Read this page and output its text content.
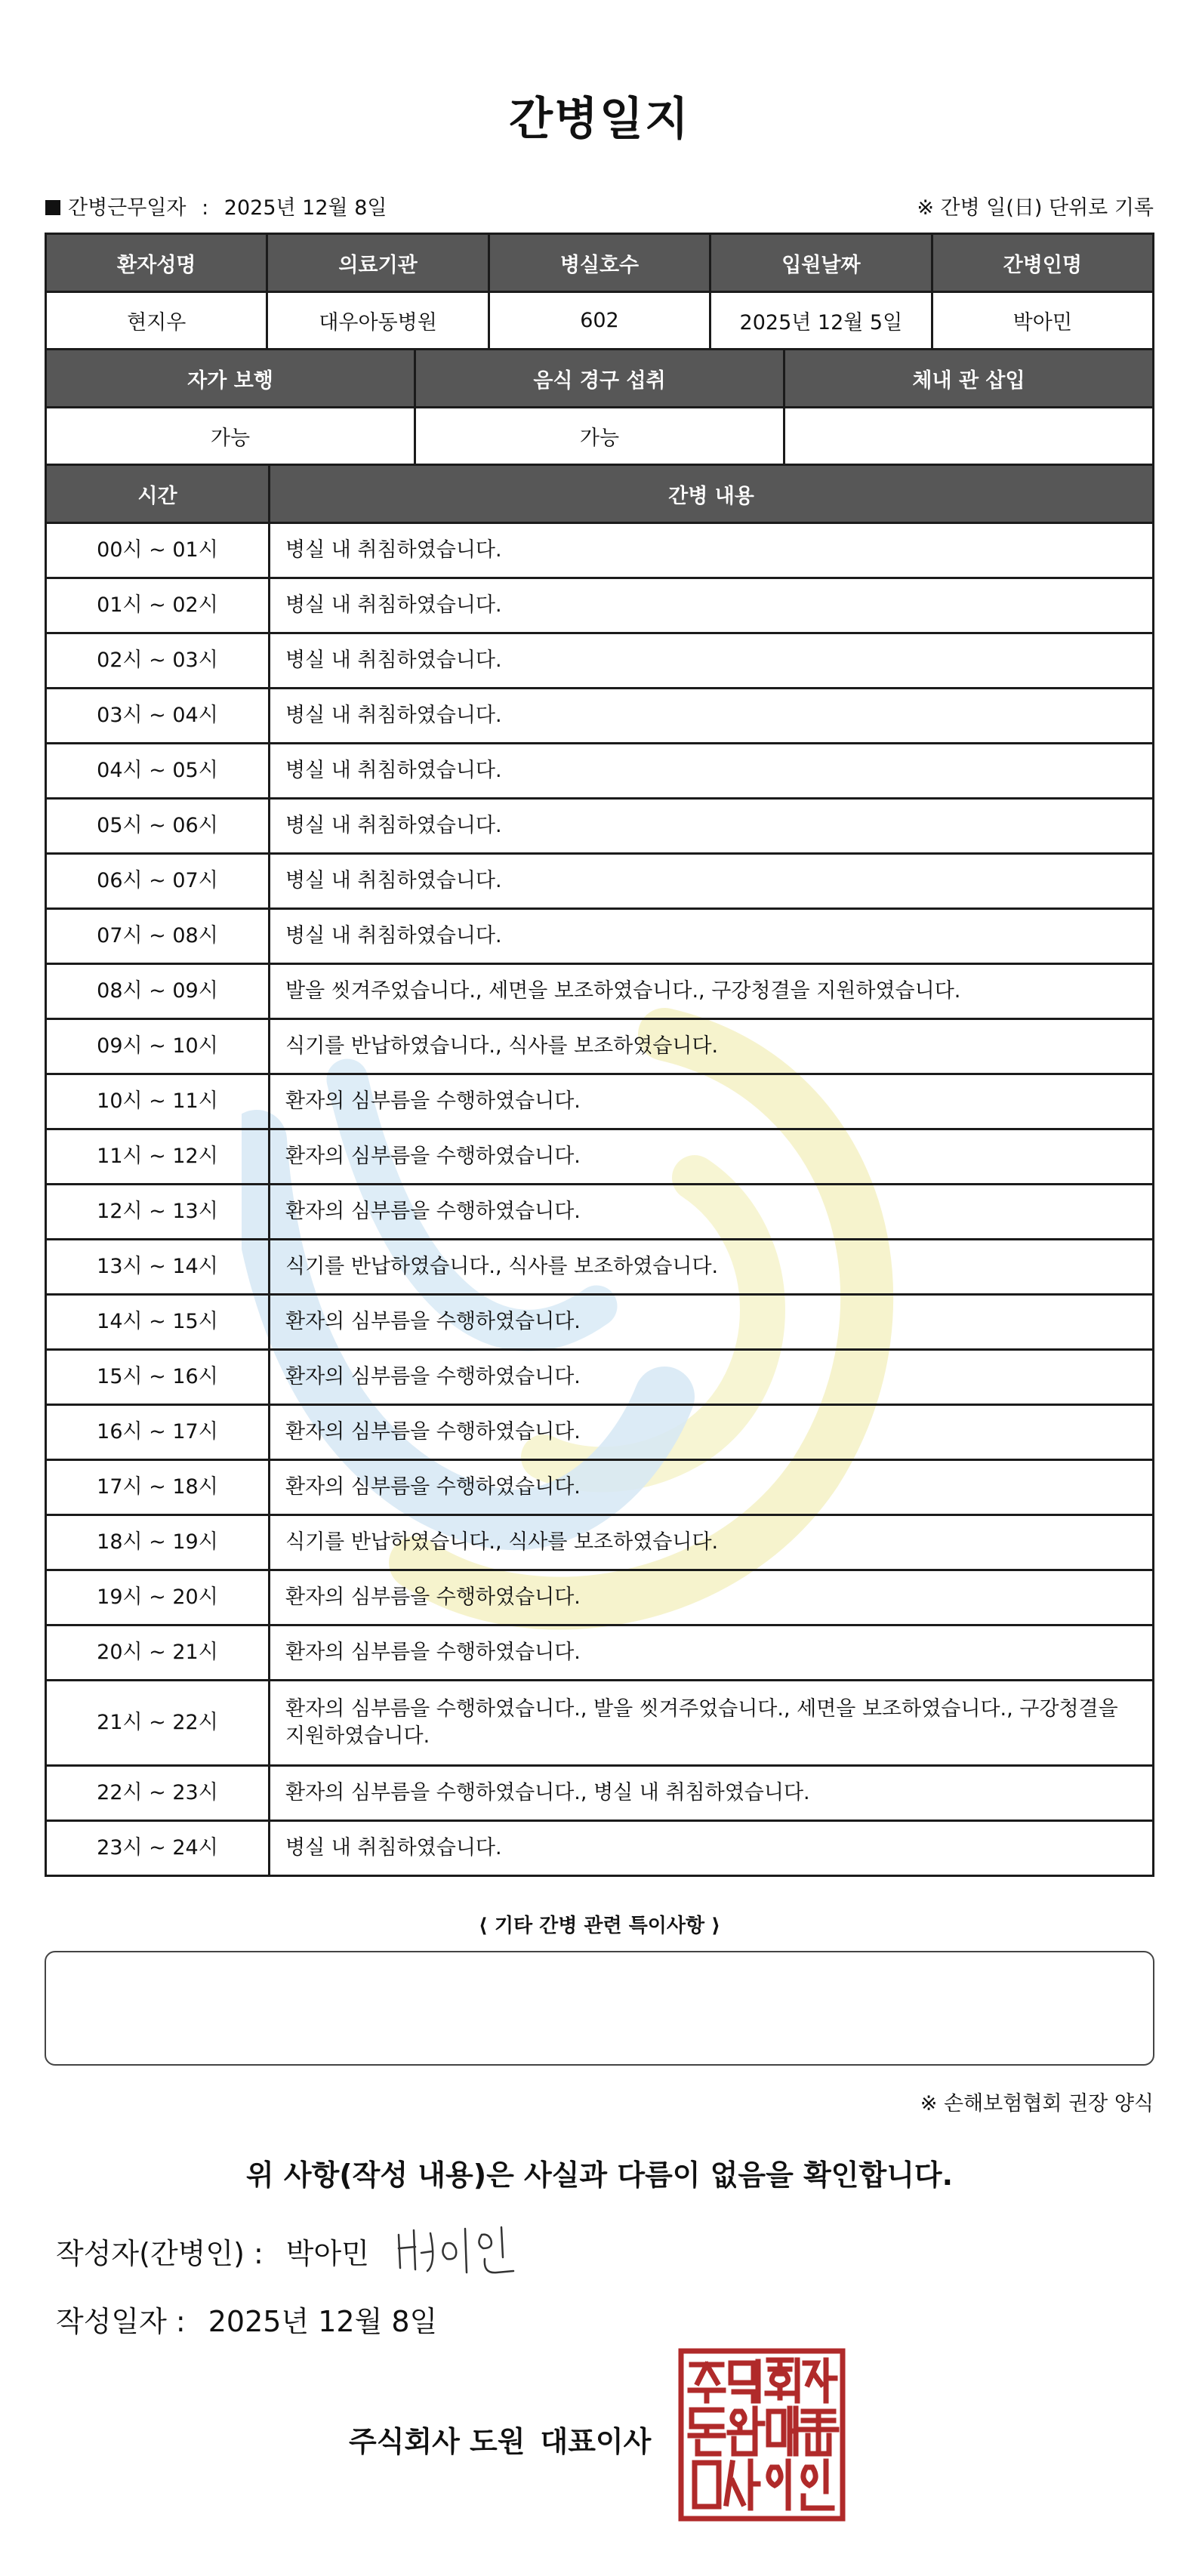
간병일지
간병근무일자 : 2025년 12월 8일	※ 간병 일(日) 단위로 기록
환자성명	의료기관	병실호수	입원날짜	간병인명
현지우	대우아동병원	602	2025년 12월 5일	박아민
자가 보행	음식 경구 섭취	체내 관 삽입
가능	가능	
시간	간병 내용
00시 ~ 01시	병실 내 취침하였습니다.
01시 ~ 02시	병실 내 취침하였습니다.
02시 ~ 03시	병실 내 취침하였습니다.
03시 ~ 04시	병실 내 취침하였습니다.
04시 ~ 05시	병실 내 취침하였습니다.
05시 ~ 06시	병실 내 취침하였습니다.
06시 ~ 07시	병실 내 취침하였습니다.
07시 ~ 08시	병실 내 취침하였습니다.
08시 ~ 09시	발을 씻겨주었습니다., 세면을 보조하였습니다., 구강청결을 지원하였습니다.
09시 ~ 10시	식기를 반납하였습니다., 식사를 보조하였습니다.
10시 ~ 11시	환자의 심부름을 수행하였습니다.
11시 ~ 12시	환자의 심부름을 수행하였습니다.
12시 ~ 13시	환자의 심부름을 수행하였습니다.
13시 ~ 14시	식기를 반납하였습니다., 식사를 보조하였습니다.
14시 ~ 15시	환자의 심부름을 수행하였습니다.
15시 ~ 16시	환자의 심부름을 수행하였습니다.
16시 ~ 17시	환자의 심부름을 수행하였습니다.
17시 ~ 18시	환자의 심부름을 수행하였습니다.
18시 ~ 19시	식기를 반납하였습니다., 식사를 보조하였습니다.
19시 ~ 20시	환자의 심부름을 수행하였습니다.
20시 ~ 21시	환자의 심부름을 수행하였습니다.
21시 ~ 22시	환자의 심부름을 수행하였습니다., 발을 씻겨주었습니다., 세면을 보조하였습니다., 구강청결을 지원하였습니다.
22시 ~ 23시	환자의 심부름을 수행하였습니다., 병실 내 취침하였습니다.
23시 ~ 24시	병실 내 취침하였습니다.
⟨ 기타 간병 관련 특이사항 ⟩
※ 손해보험협회 권장 양식
위 사항(작성 내용)은 사실과 다름이 없음을 확인합니다.
작성자(간병인) : 박아민
작성일자 : 2025년 12월 8일
주식회사 도원 대표이사
